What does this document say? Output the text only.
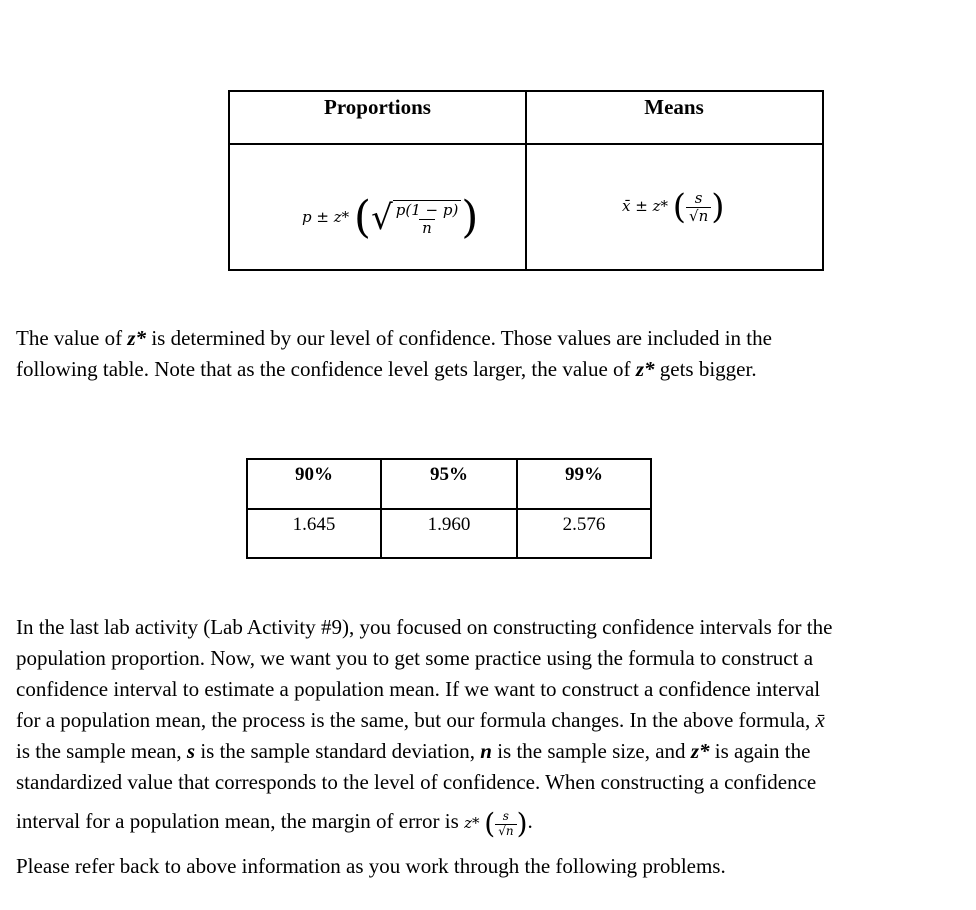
Proportions	Means
p ± z* (√ $\frac{p(1 - p)}{n}$ )	x̄ ± z* ( $\frac{s}{√n}$ )
The value of z* is determined by our level of confidence. Those values are included in the
following table. Note that as the confidence level gets larger, the value of z* gets bigger.
90%	95%	99%
1.645	1.960	2.576
In the last lab activity (Lab Activity #9), you focused on constructing confidence intervals for the
population proportion. Now, we want you to get some practice using the formula to construct a
confidence interval to estimate a population mean. If we want to construct a confidence interval
for a population mean, the process is the same, but our formula changes. In the above formula, x̄
is the sample mean, s is the sample standard deviation, n is the sample size, and z* is again the
standardized value that corresponds to the level of confidence. When constructing a confidence
interval for a population mean, the margin of error is z* ( $\frac{s}{√n}$ ).
Please refer back to above information as you work through the following problems.
